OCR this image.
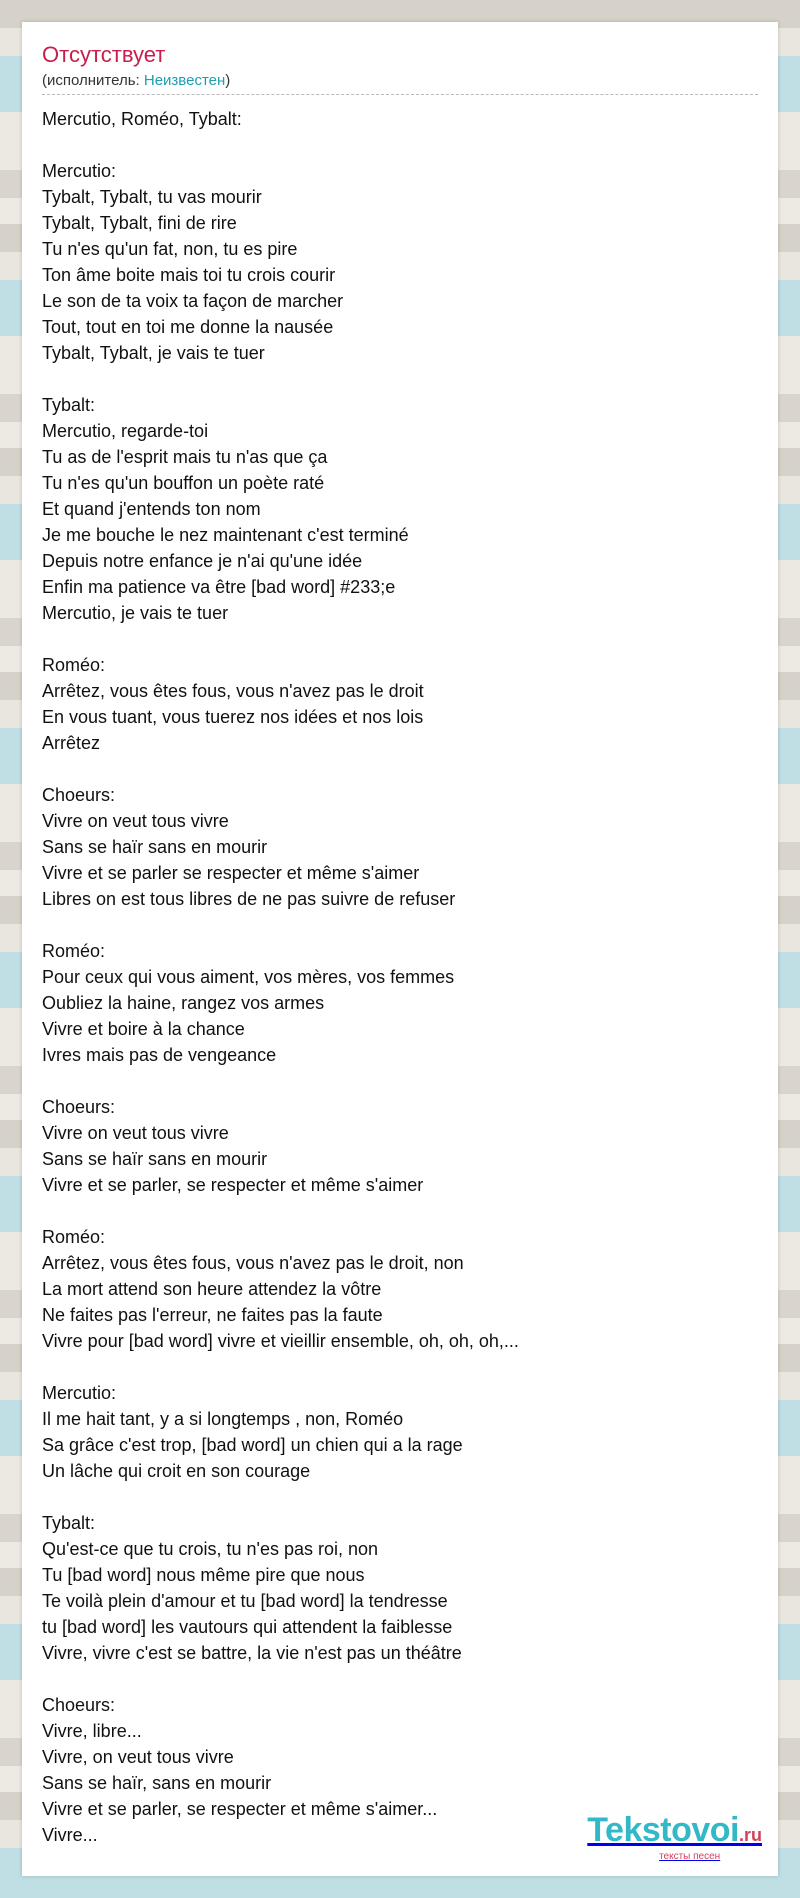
Отсутствует
(исполнитель: Неизвестен)
Mercutio, Roméo, Tybalt:

Mercutio:
Tybalt, Tybalt, tu vas mourir
Tybalt, Tybalt, fini de rire
Tu n'es qu'un fat, non, tu es pire
Ton âme boite mais toi tu crois courir
Le son de ta voix ta façon de marcher
Tout, tout en toi me donne la nausée
Tybalt, Tybalt, je vais te tuer

Tybalt:
Mercutio, regarde-toi
Tu as de l'esprit mais tu n'as que ça
Tu n'es qu'un bouffon un poète raté
Et quand j'entends ton nom
Je me bouche le nez maintenant c'est terminé
Depuis notre enfance je n'ai qu'une idée
Enfin ma patience va être [bad word] #233;e
Mercutio, je vais te tuer

Roméo:
Arrêtez, vous êtes fous, vous n'avez pas le droit
En vous tuant, vous tuerez nos idées et nos lois
Arrêtez

Choeurs:
Vivre on veut tous vivre
Sans se haïr sans en mourir
Vivre et se parler se respecter et même s'aimer
Libres on est tous libres de ne pas suivre de refuser

Roméo:
Pour ceux qui vous aiment, vos mères, vos femmes
Oubliez la haine, rangez vos armes
Vivre et boire à la chance
Ivres mais pas de vengeance

Choeurs:
Vivre on veut tous vivre
Sans se haïr sans en mourir
Vivre et se parler, se respecter et même s'aimer

Roméo:
Arrêtez, vous êtes fous, vous n'avez pas le droit, non
La mort attend son heure attendez la vôtre
Ne faites pas l'erreur, ne faites pas la faute
Vivre pour [bad word] vivre et vieillir ensemble, oh, oh, oh,...

Mercutio:
Il me hait tant, y a si longtemps , non, Roméo
Sa grâce c'est trop, [bad word] un chien qui a la rage
Un lâche qui croit en son courage

Tybalt:
Qu'est-ce que tu crois, tu n'es pas roi, non
Tu [bad word] nous même pire que nous
Te voilà plein d'amour et tu [bad word] la tendresse
tu [bad word] les vautours qui attendent la faiblesse
Vivre, vivre c'est se battre, la vie n'est pas un théâtre

Choeurs:
Vivre, libre...
Vivre, on veut tous vivre
Sans se haïr, sans en mourir
Vivre et se parler, se respecter et même s'aimer...
Vivre...	Tekstovoi.ru
тексты песен
